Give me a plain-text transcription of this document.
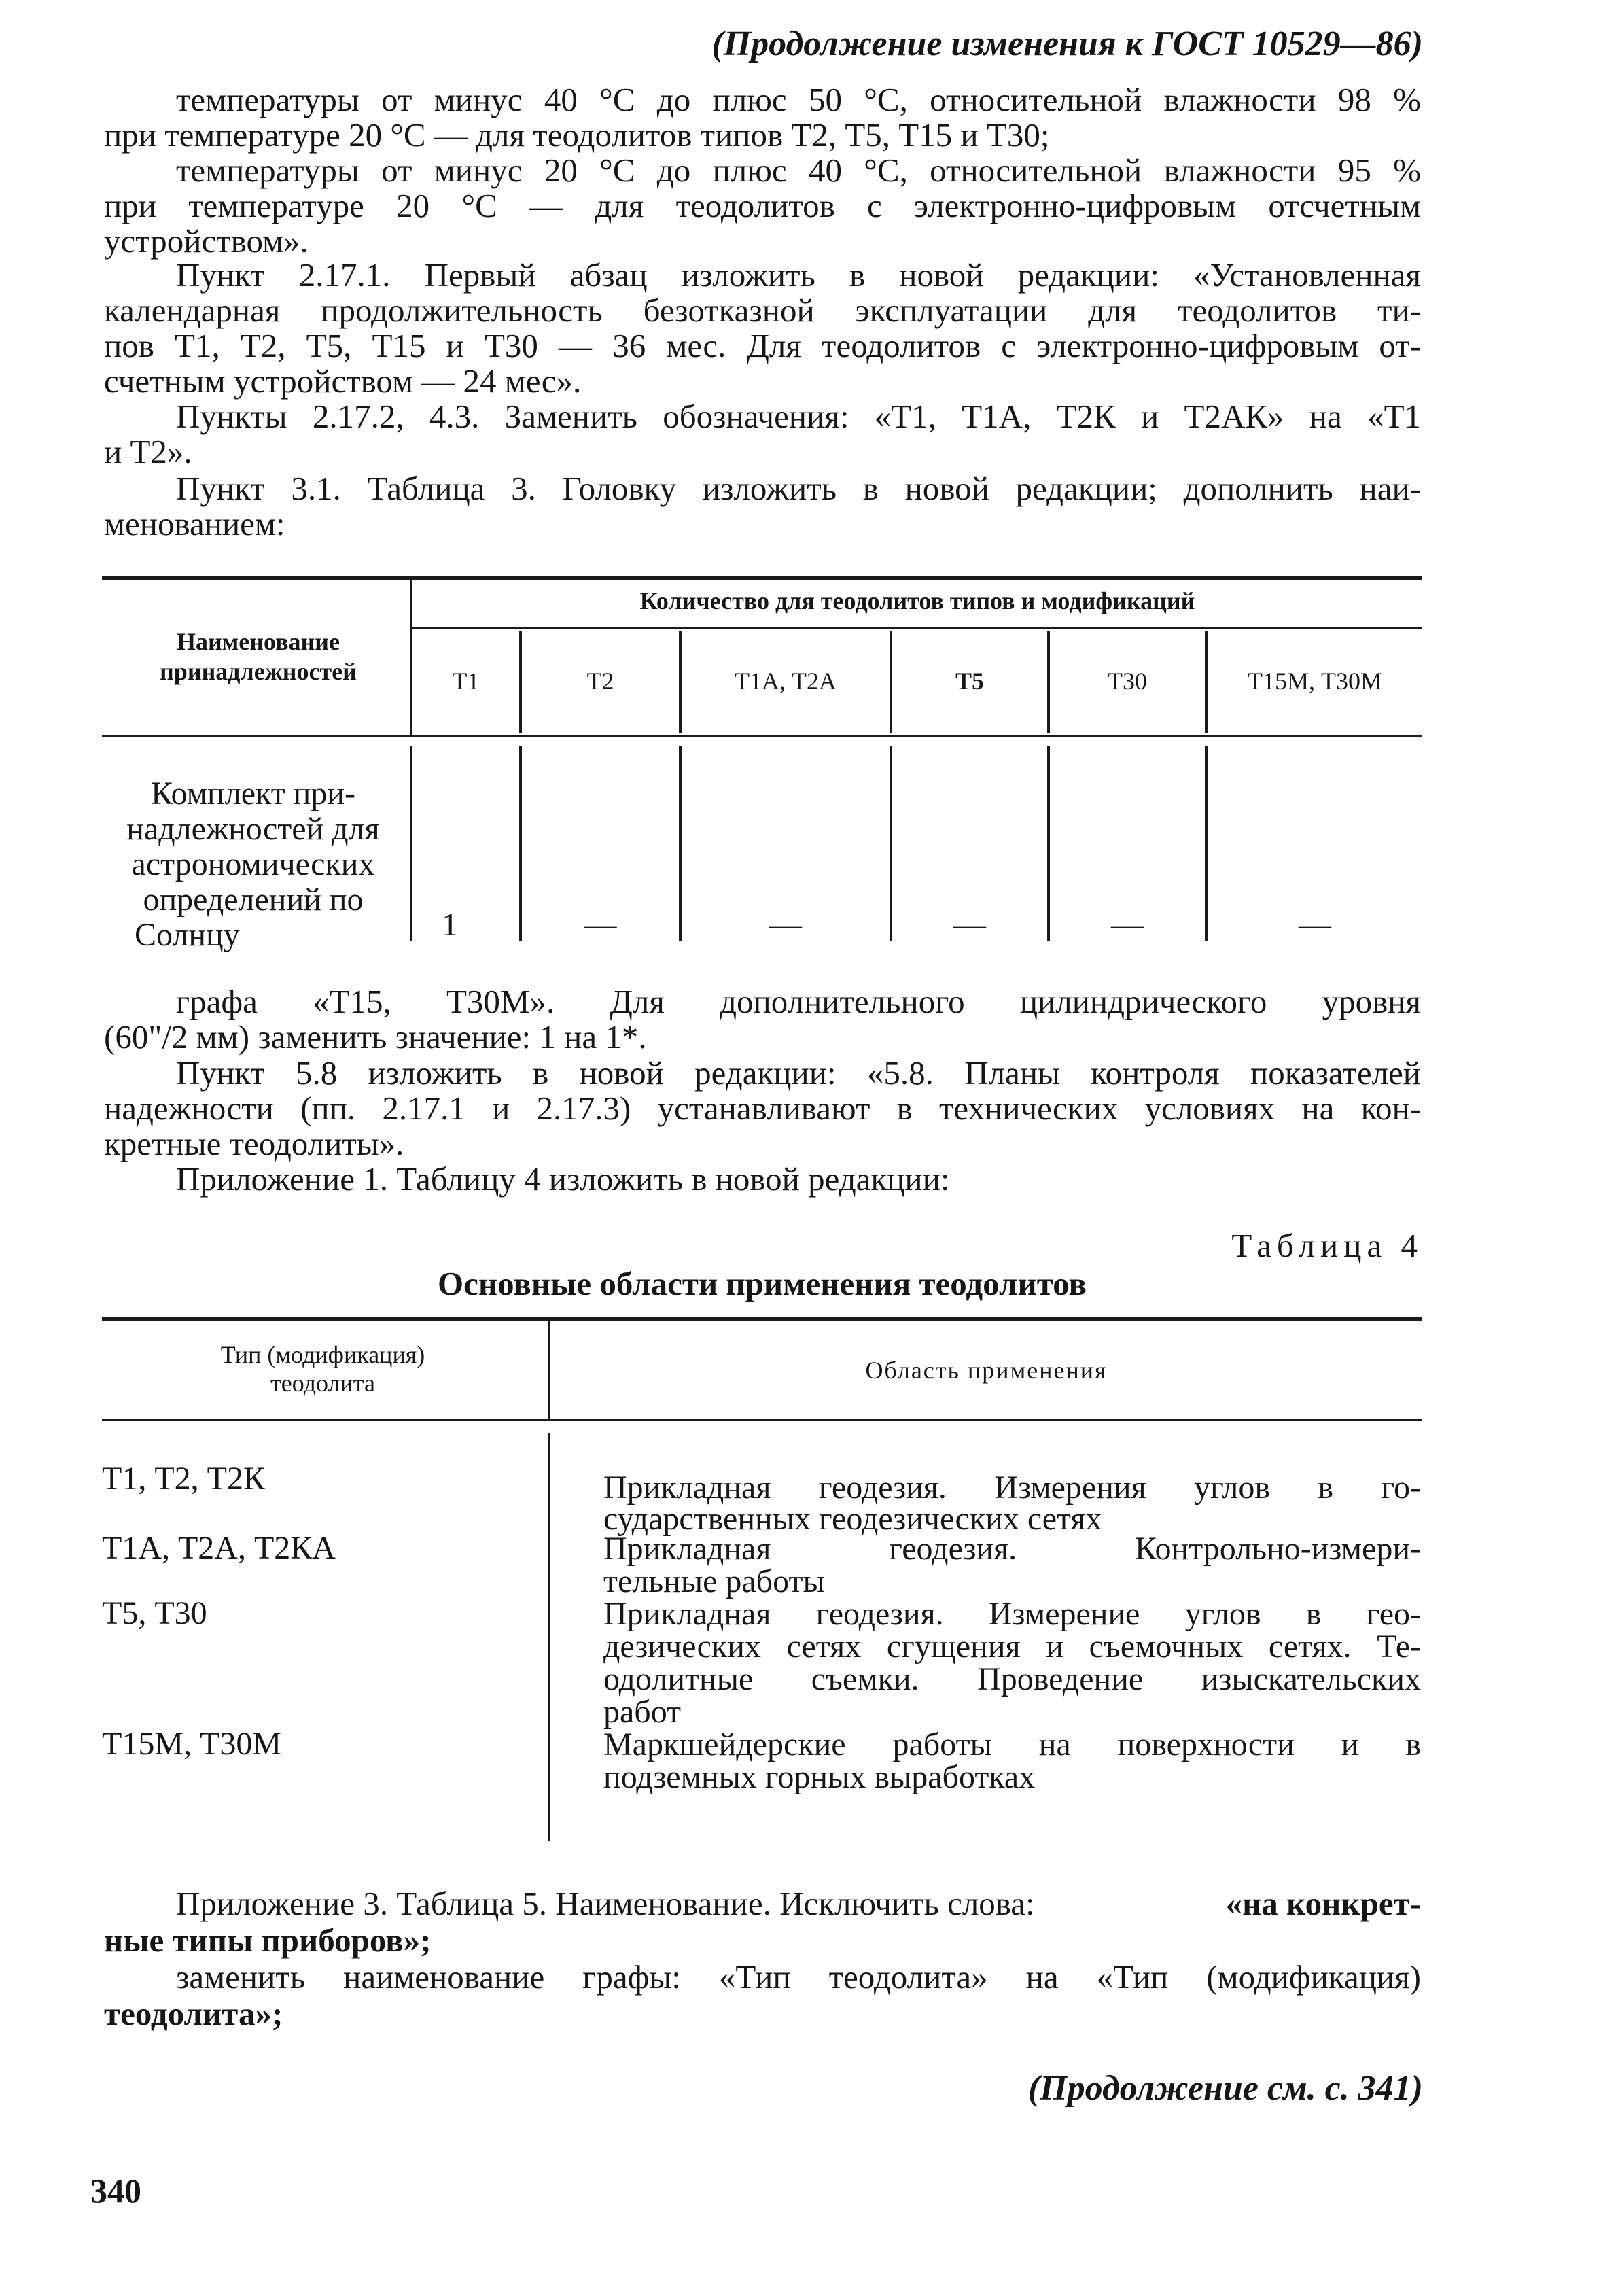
(Продолжение изменения к ГОСТ 10529—86)
температуры от минус 40 °С до плюс 50 °С, относительной влажности 98 %
при температуре 20 °С — для теодолитов типов Т2, Т5, Т15 и Т30;
температуры от минус 20 °С до плюс 40 °С, относительной влажности 95 %
при температуре 20 °С — для теодолитов с электронно-цифровым отсчетным
устройством».
Пункт 2.17.1. Первый абзац изложить в новой редакции: «Установленная
календарная продолжительность безотказной эксплуатации для теодолитов ти-
пов Т1, Т2, Т5, Т15 и Т30 — 36 мес. Для теодолитов с электронно-цифровым от-
счетным устройством — 24 мес».
Пункты 2.17.2, 4.3. Заменить обозначения: «Т1, Т1А, Т2К и Т2АК» на «Т1
и Т2».
Пункт 3.1. Таблица 3. Головку изложить в новой редакции; дополнить наи-
менованием:
Наименование принадлежностей
Количество для теодолитов типов и модификаций
Т1	Т2	Т1А, Т2А	Т5	Т30	Т15М, Т30М
Комплект при-
надлежностей для
астрономических
определений по
Солнцу	1	—	—	—	—	—
графа «Т15, Т30М». Для дополнительного цилиндрического уровня
(60"/2 мм) заменить значение: 1 на 1*.
Пункт 5.8 изложить в новой редакции: «5.8. Планы контроля показателей
надежности (пп. 2.17.1 и 2.17.3) устанавливают в технических условиях на кон-
кретные теодолиты».
Приложение 1. Таблицу 4 изложить в новой редакции:
Таблица 4
Основные области применения теодолитов
Тип (модификация)
теодолита	Область применения
Т1, Т2, Т2К	Прикладная геодезия. Измерения углов в го-
сударственных геодезических сетях
Т1А, Т2А, Т2КА	Прикладная геодезия. Контрольно-измери-
тельные работы
Т5, Т30	Прикладная геодезия. Измерение углов в гео-
дезических сетях сгущения и съемочных сетях. Те-
одолитные съемки. Проведение изыскательских
работ
Т15М, Т30М	Маркшейдерские работы на поверхности и в
подземных горных выработках
Приложение 3. Таблица 5. Наименование. Исключить слова:	«на конкрет-
ные типы приборов»;
заменить наименование графы: «Тип теодолита» на «Тип (модификация)
теодолита»;
(Продолжение см. с. 341)
340
